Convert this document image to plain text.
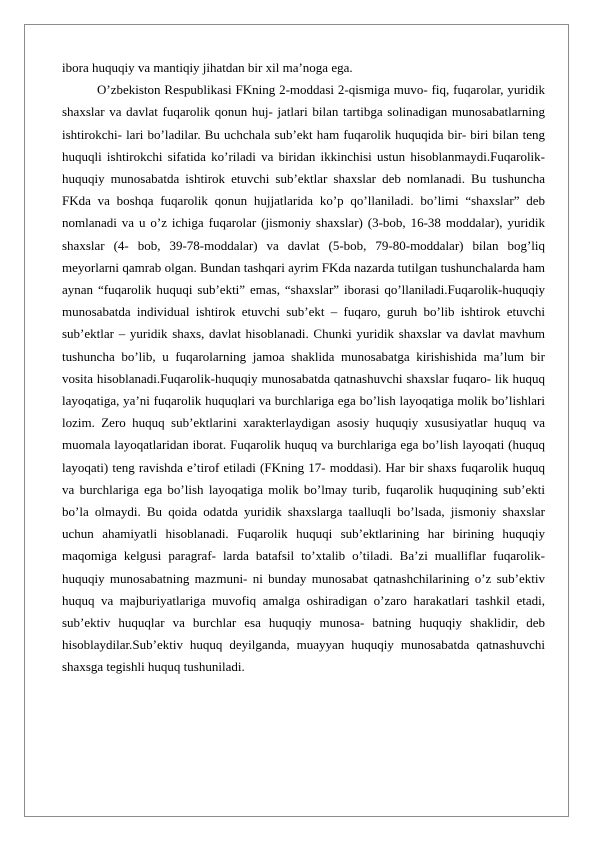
ibora huquqiy va mantiqiy jihatdan bir xil ma’noga ega.

O’zbekiston Respublikasi FKning 2-moddasi 2-qismiga muvo- fiq, fuqarolar, yuridik shaxslar va davlat fuqarolik qonun huj- jatlari bilan tartibga solinadigan munosabatlarning ishtirokchi- lari bo’ladilar. Bu uchchala sub’ekt ham fuqarolik huquqida bir- biri bilan teng huquqli ishtirokchi sifatida ko’riladi va biridan ikkinchisi ustun hisoblanmaydi.Fuqarolik-huquqiy munosabatda ishtirok etuvchi sub’ektlar shaxslar deb nomlanadi. Bu tushuncha FKda va boshqa fuqarolik qonun hujjatlarida ko’p qo’llaniladi. bo’limi “shaxslar” deb nomlanadi va u o’z ichiga fuqarolar (jismoniy shaxslar) (3-bob, 16-38 moddalar), yuridik shaxslar (4- bob, 39-78-moddalar) va davlat (5-bob, 79-80-moddalar) bilan bog’liq meyorlarni qamrab olgan. Bundan tashqari ayrim FKda nazarda tutilgan tushunchalarda ham aynan “fuqarolik huquqi sub’ekti” emas, “shaxslar” iborasi qo’llaniladi.Fuqarolik-huquqiy munosabatda individual ishtirok etuvchi sub’ekt – fuqaro, guruh bo’lib ishtirok etuvchi sub’ektlar – yuridik shaxs, davlat hisoblanadi. Chunki yuridik shaxslar va davlat mavhum tushuncha bo’lib, u fuqarolarning jamoa shaklida munosabatga kirishishida ma’lum bir vosita hisoblanadi.Fuqarolik-huquqiy munosabatda qatnashuvchi shaxslar fuqaro- lik huquq layoqatiga, ya’ni fuqarolik huquqlari va burchlariga ega bo’lish layoqatiga molik bo’lishlari lozim. Zero huquq sub’ektlarini xarakterlaydigan asosiy huquqiy xususiyatlar huquq va muomala layoqatlaridan iborat. Fuqarolik huquq va burchlariga ega bo’lish layoqati (huquq layoqati) teng ravishda e’tirof etiladi (FKning 17- moddasi). Har bir shaxs fuqarolik huquq va burchlariga ega bo’lish layoqatiga molik bo’lmay turib, fuqarolik huquqining sub’ekti bo’la olmaydi. Bu qoida odatda yuridik shaxslarga taalluqli bo’lsada, jismoniy shaxslar uchun ahamiyatli hisoblanadi. Fuqarolik huquqi sub’ektlarining har birining huquqiy maqomiga kelgusi paragraf- larda batafsil to’xtalib o’tiladi. Ba’zi mualliflar fuqarolik-huquqiy munosabatning mazmuni- ni bunday munosabat qatnashchilarining o’z sub’ektiv huquq va majburiyatlariga muvofiq amalga oshiradigan o’zaro harakatlari tashkil etadi, sub’ektiv huquqlar va burchlar esa huquqiy munosa- batning huquqiy shaklidir, deb hisoblaydilar.Sub’ektiv huquq deyilganda, muayyan huquqiy munosabatda qatnashuvchi shaxsga tegishli huquq tushuniladi.
